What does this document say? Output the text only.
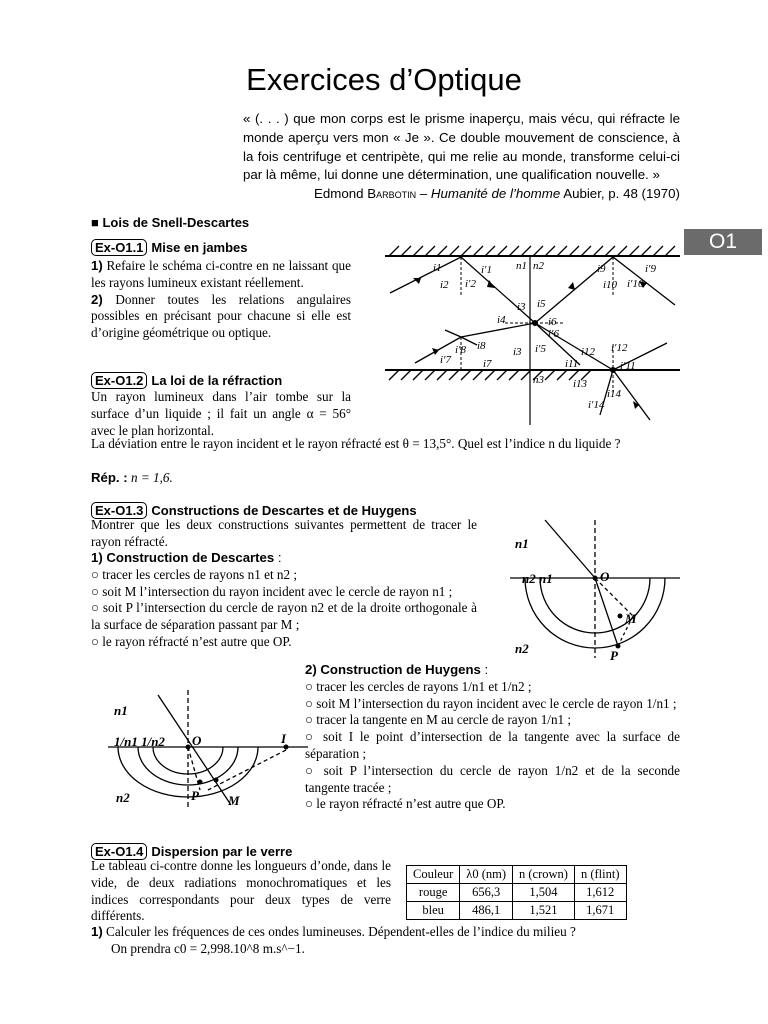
Exercices d’Optique
« (. . . ) que mon corps est le prisme inaperçu, mais vécu, qui réfracte le monde aperçu vers mon « Je ». Ce double mouvement de conscience, à la fois centrifuge et centripète, qui me relie au monde, transforme celui-ci par là même, lui donne une détermination, une qualification nouvelle. »
Edmond Barbotin – Humanité de l’homme Aubier, p. 48 (1970)
O1
■ Lois de Snell-Descartes
Ex-O1.1 Mise en jambes
1) Refaire le schéma ci-contre en ne laissant que les rayons lumineux existant réellement.
2) Donner toutes les relations angulaires possibles en précisant pour chacune si elle est d’origine géométrique ou optique.
n1 n2
n3
i1	i′1
i2 i′2
i3
i4
i5
i6
i′6
i′5
i3
i7
i′7
i8
i′8
i9	i′9
i10 i′10
i11	i′11
i12 i′12
i13
i14
i′14
Ex-O1.2 La loi de la réfraction
Un rayon lumineux dans l’air tombe sur la surface d’un liquide ; il fait un angle α = 56° avec le plan horizontal.
La déviation entre le rayon incident et le rayon réfracté est θ = 13,5°. Quel est l’indice n du liquide ?
Rép. : n = 1,6.
Ex-O1.3 Constructions de Descartes et de Huygens
Montrer que les deux constructions suivantes permettent de tracer le rayon réfracté.
1) Construction de Descartes :
○ tracer les cercles de rayons n1 et n2 ;
○ soit M l’intersection du rayon incident avec le cercle de rayon n1 ;
○ soit P l’intersection du cercle de rayon n2 et de la droite orthogonale à la surface de séparation passant par M ;
○ le rayon réfracté n’est autre que OP.
n1
n2 n1	O
M
P
n2
2) Construction de Huygens :
○ tracer les cercles de rayons 1/n1 et 1/n2 ;
○ soit M l’intersection du rayon incident avec le cercle de rayon 1/n1 ;
○ tracer la tangente en M au cercle de rayon 1/n1 ;
○ soit I le point d’intersection de la tangente avec la surface de séparation ;
○ soit P l’intersection du cercle de rayon 1/n2 et de la seconde tangente tracée ;
○ le rayon réfracté n’est autre que OP.
n1
1/n1 1/n2 O	I
n2	P M
Ex-O1.4 Dispersion par le verre
Le tableau ci-contre donne les longueurs d’onde, dans le vide, de deux radiations monochromatiques et les indices correspondants pour deux types de verre différents.
Couleur	λ0 (nm)	n (crown)	n (flint)
rouge	656,3	1,504	1,612
bleu	486,1	1,521	1,671
1) Calculer les fréquences de ces ondes lumineuses. Dépendent-elles de l’indice du milieu ?
On prendra c0 = 2,998.10^8 m.s^−1.
